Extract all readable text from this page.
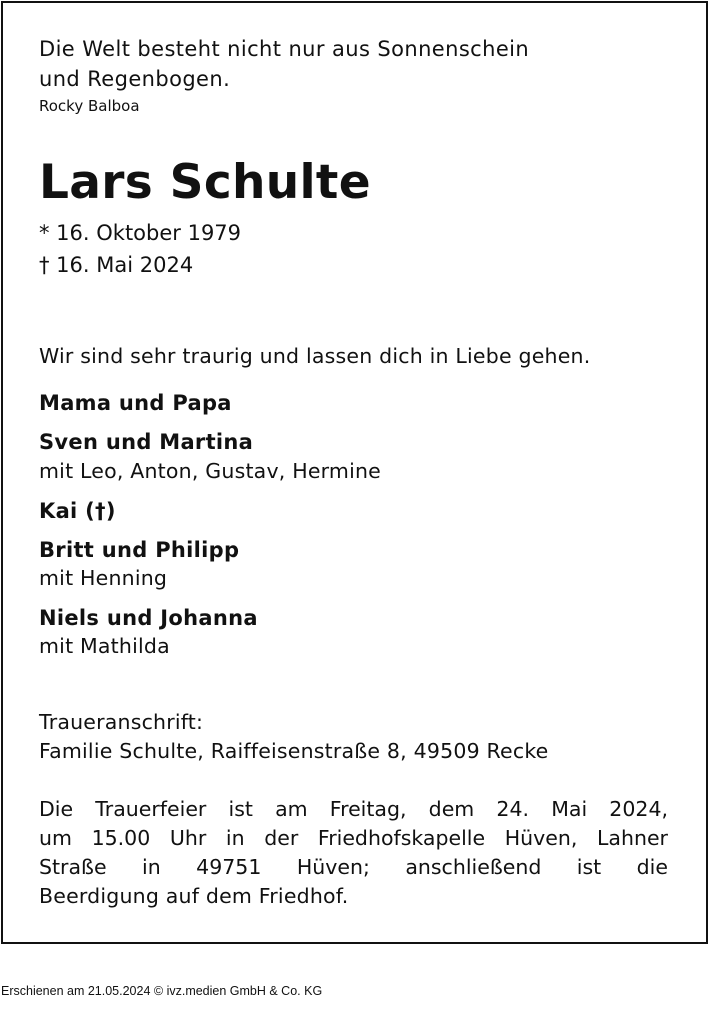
Die Welt besteht nicht nur aus Sonnenschein
und Regenbogen.
Rocky Balboa
Lars Schulte
* 16. Oktober 1979
† 16. Mai 2024
Wir sind sehr traurig und lassen dich in Liebe gehen.
Mama und Papa
Sven und Martina
mit Leo, Anton, Gustav, Hermine
Kai (†)
Britt und Philipp
mit Henning
Niels und Johanna
mit Mathilda
Traueranschrift:
Familie Schulte, Raiffeisenstraße 8, 49509 Recke
Die Trauerfeier ist am Freitag, dem 24. Mai 2024,
um 15.00 Uhr in der Friedhofskapelle Hüven, Lahner
Straße in 49751 Hüven; anschließend ist die
Beerdigung auf dem Friedhof.
Erschienen am 21.05.2024 © ivz.medien GmbH & Co. KG
